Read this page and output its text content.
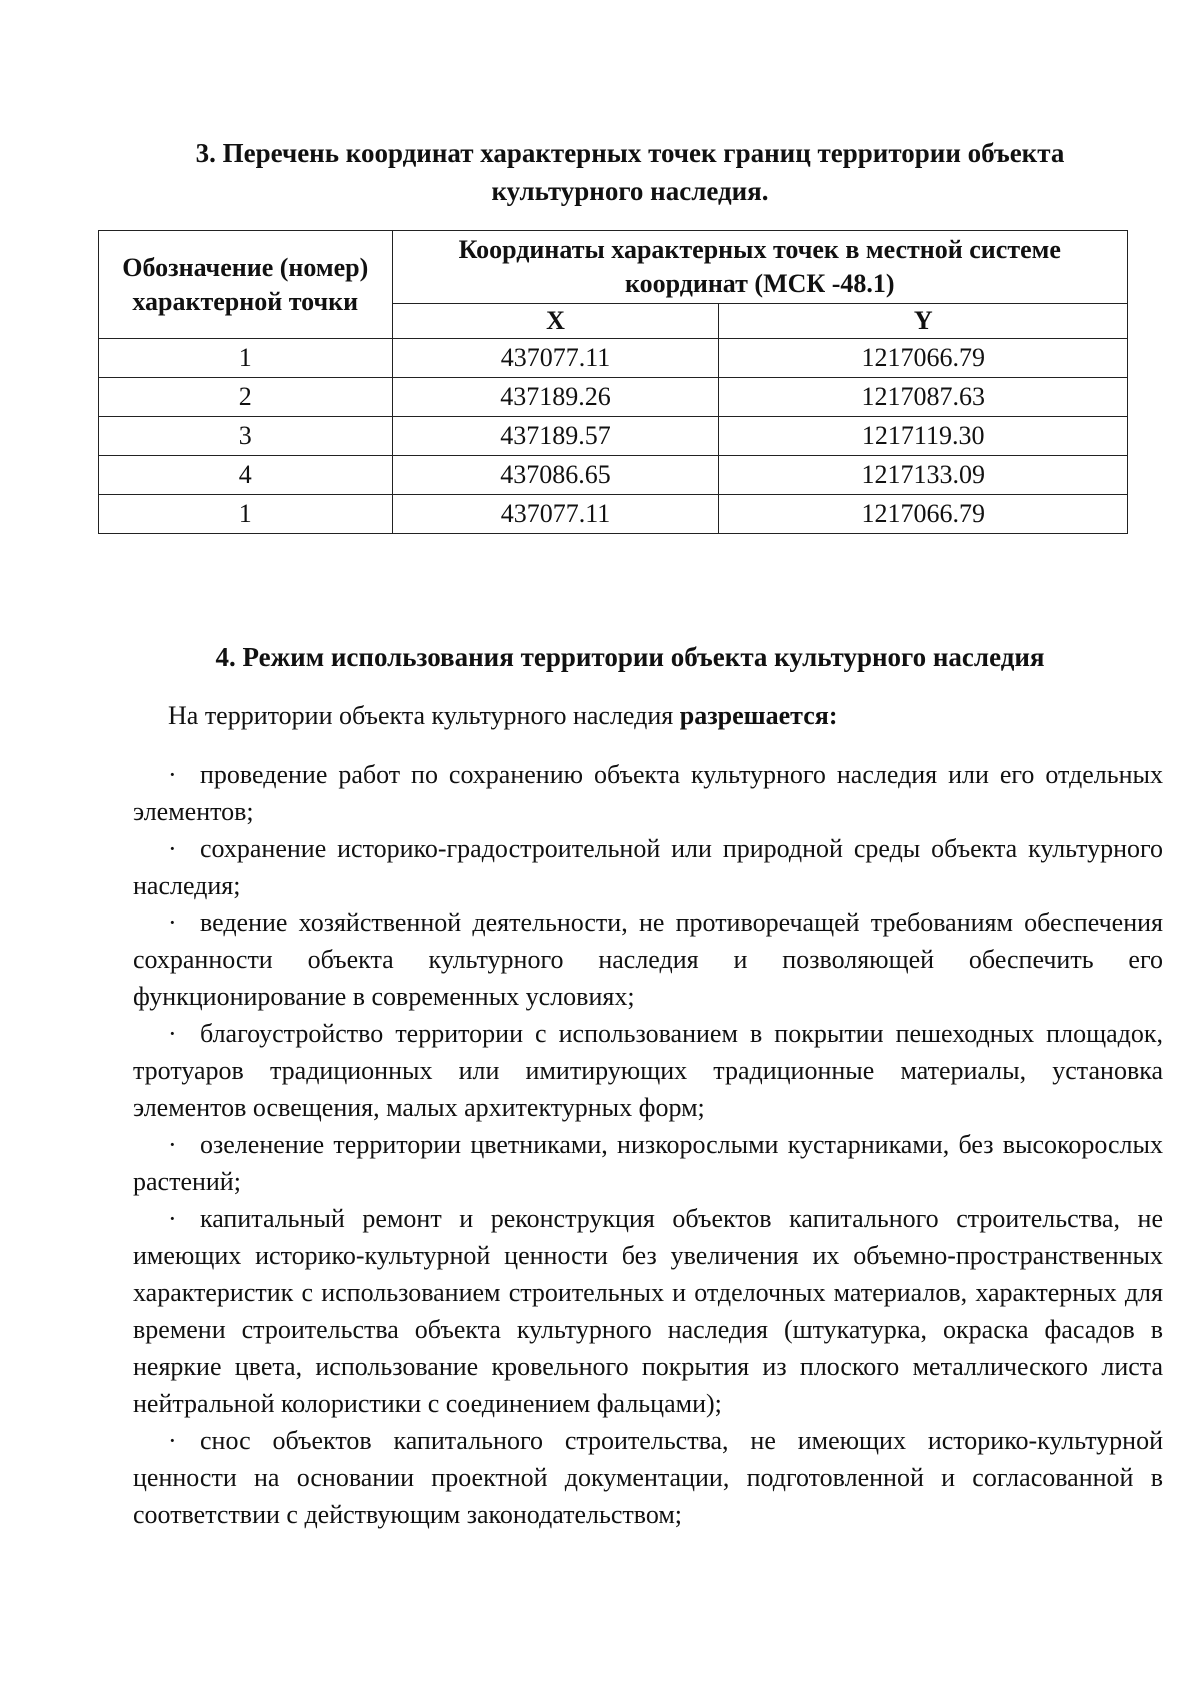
3. Перечень координат характерных точек границ территории объекта культурного наследия.
Обозначение (номер) характерной точки	Координаты характерных точек в местной системе координат (МСК -48.1)	
	X	Y
1	437077.11	1217066.79
2	437189.26	1217087.63
3	437189.57	1217119.30
4	437086.65	1217133.09
1	437077.11	1217066.79
4. Режим использования территории объекта культурного наследия
На территории объекта культурного наследия разрешается:

· проведение работ по сохранению объекта культурного наследия или его отдельных элементов;

· сохранение историко-градостроительной или природной среды объекта культурного наследия;

· ведение хозяйственной деятельности, не противоречащей требованиям обеспечения сохранности объекта культурного наследия и позволяющей обеспечить его функционирование в современных условиях;

· благоустройство территории с использованием в покрытии пешеходных площадок, тротуаров традиционных или имитирующих традиционные материалы, установка элементов освещения, малых архитектурных форм;

· озеленение территории цветниками, низкорослыми кустарниками, без высокорослых растений;

· капитальный ремонт и реконструкция объектов капитального строительства, не имеющих историко-культурной ценности без увеличения их объемно-пространственных характеристик с использованием строительных и отделочных материалов, характерных для времени строительства объекта культурного наследия (штукатурка, окраска фасадов в неяркие цвета, использование кровельного покрытия из плоского металлического листа нейтральной колористики с соединением фальцами);

· снос объектов капитального строительства, не имеющих историко-культурной ценности на основании проектной документации, подготовленной и согласованной в соответствии с действующим законодательством;
